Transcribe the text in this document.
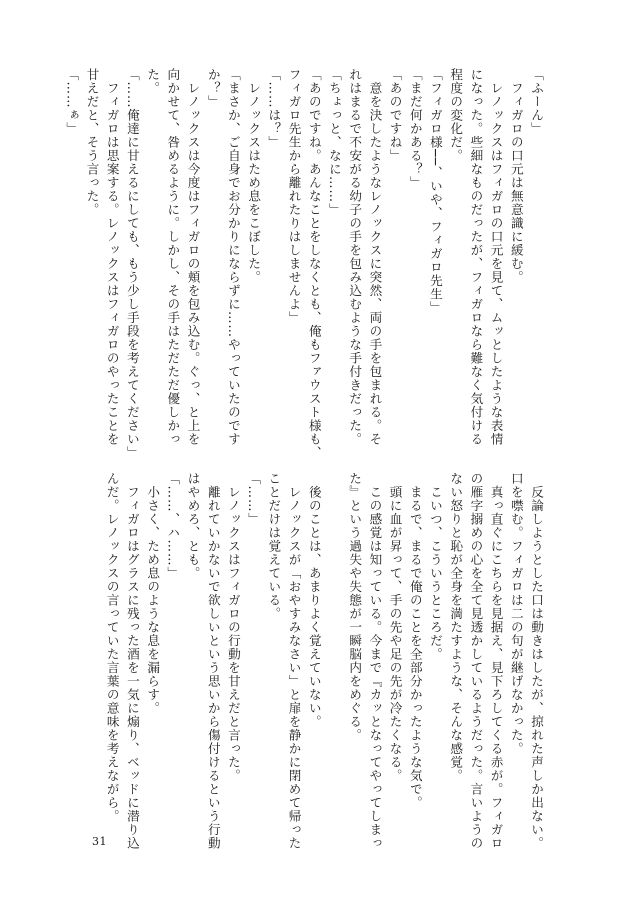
「ふーん」
　フィガロの口元は無意識に緩む。
　レノックスはフィガロの口元を見て、ムッとしたような表情
になった。些細なものだったが、フィガロなら難なく気付ける
程度の変化だ。
「フィガロ様──、いや、フィガロ先生」
「まだ何かある？」
「あのですね」
　意を決したようなレノックスに突然、両の手を包まれる。そ
れはまるで不安がる幼子の手を包み込むような手付きだった。
「ちょっと、なに……」
「あのですね。あんなことをしなくとも、俺もファウスト様も、
フィガロ先生から離れたりはしませんよ」
「……は？」
　レノックスはため息をこぼした。
「まさか、ご自身でお分かりにならずに……やっていたのです
か？」
　レノックスは今度はフィガロの頬を包み込む。ぐっ、と上を
向かせて、咎めるように。しかし、その手はただただ優しかっ
た。
「……俺達に甘えるにしても、もう少し手段を考えてください」
　フィガロは思案する。レノックスはフィガロのやったことを
甘えだと、そう言った。
「……ぁ」
　反論しようとした口は動きはしたが、掠れた声しか出ない。
口を噤む。フィガロは二の句が継げなかった。
　真っ直ぐにこちらを見据え、見下ろしてくる赤が。フィガロ
の雁字搦めの心を全て見透かしているようだった。言いようの
ない怒りと恥が全身を満たすような、そんな感覚。
　こいつ、こういうところだ。
　まるで、まるで俺のことを全部分かったような気で。
　頭に血が昇って、手の先や足の先が冷たくなる。
　この感覚は知っている。今まで『カッとなってやってしまっ
た』という過失や失態が一瞬脳内をめぐる。

　後のことは、あまりよく覚えていない。
　レノックスが「おやすみなさい」と扉を静かに閉めて帰った
ことだけは覚えている。
「……」
　レノックスはフィガロの行動を甘えだと言った。
　離れていかないで欲しいという思いから傷付けるという行動
はやめろ、とも。
「……、ハ……」
　小さく、ため息のような息を漏らす。
　フィガロはグラスに残った酒を一気に煽り、ベッドに潜り込
んだ。レノックスの言っていた言葉の意味を考えながら。
31
